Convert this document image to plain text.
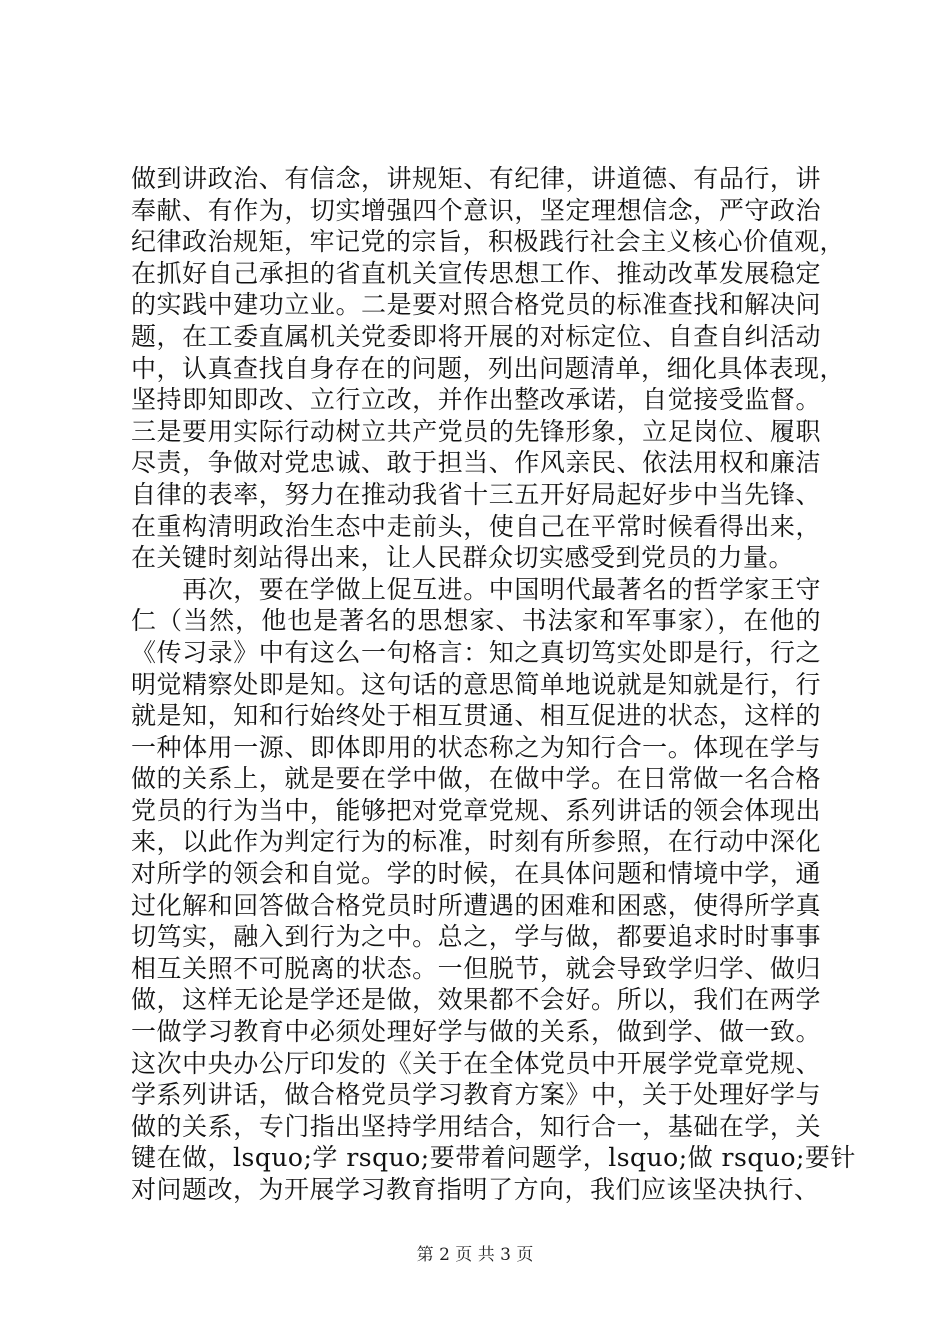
做到讲政治、有信念，讲规矩、有纪律，讲道德、有品行，讲
奉献、有作为，切实增强四个意识，坚定理想信念，严守政治
纪律政治规矩，牢记党的宗旨，积极践行社会主义核心价值观，
在抓好自己承担的省直机关宣传思想工作、推动改革发展稳定
的实践中建功立业。二是要对照合格党员的标准查找和解决问
题，在工委直属机关党委即将开展的对标定位、自查自纠活动
中，认真查找自身存在的问题，列出问题清单，细化具体表现，
坚持即知即改、立行立改，并作出整改承诺，自觉接受监督。
三是要用实际行动树立共产党员的先锋形象，立足岗位、履职
尽责，争做对党忠诚、敢于担当、作风亲民、依法用权和廉洁
自律的表率，努力在推动我省十三五开好局起好步中当先锋、
在重构清明政治生态中走前头，使自己在平常时候看得出来，
在关键时刻站得出来，让人民群众切实感受到党员的力量。
　　再次，要在学做上促互进。中国明代最著名的哲学家王守
仁（当然，他也是著名的思想家、书法家和军事家），在他的
《传习录》中有这么一句格言：知之真切笃实处即是行，行之
明觉精察处即是知。这句话的意思简单地说就是知就是行，行
就是知，知和行始终处于相互贯通、相互促进的状态，这样的
一种体用一源、即体即用的状态称之为知行合一。体现在学与
做的关系上，就是要在学中做，在做中学。在日常做一名合格
党员的行为当中，能够把对党章党规、系列讲话的领会体现出
来，以此作为判定行为的标准，时刻有所参照，在行动中深化
对所学的领会和自觉。学的时候，在具体问题和情境中学，通
过化解和回答做合格党员时所遭遇的困难和困惑，使得所学真
切笃实，融入到行为之中。总之，学与做，都要追求时时事事
相互关照不可脱离的状态。一但脱节，就会导致学归学、做归
做，这样无论是学还是做，效果都不会好。所以，我们在两学
一做学习教育中必须处理好学与做的关系，做到学、做一致。
这次中央办公厅印发的《关于在全体党员中开展学党章党规、
学系列讲话，做合格党员学习教育方案》中，关于处理好学与
做的关系，专门指出坚持学用结合，知行合一，基础在学，关
键在做，lsquo;学 rsquo;要带着问题学，lsquo;做 rsquo;要针
对问题改，为开展学习教育指明了方向，我们应该坚决执行、
第 2 页 共 3 页
